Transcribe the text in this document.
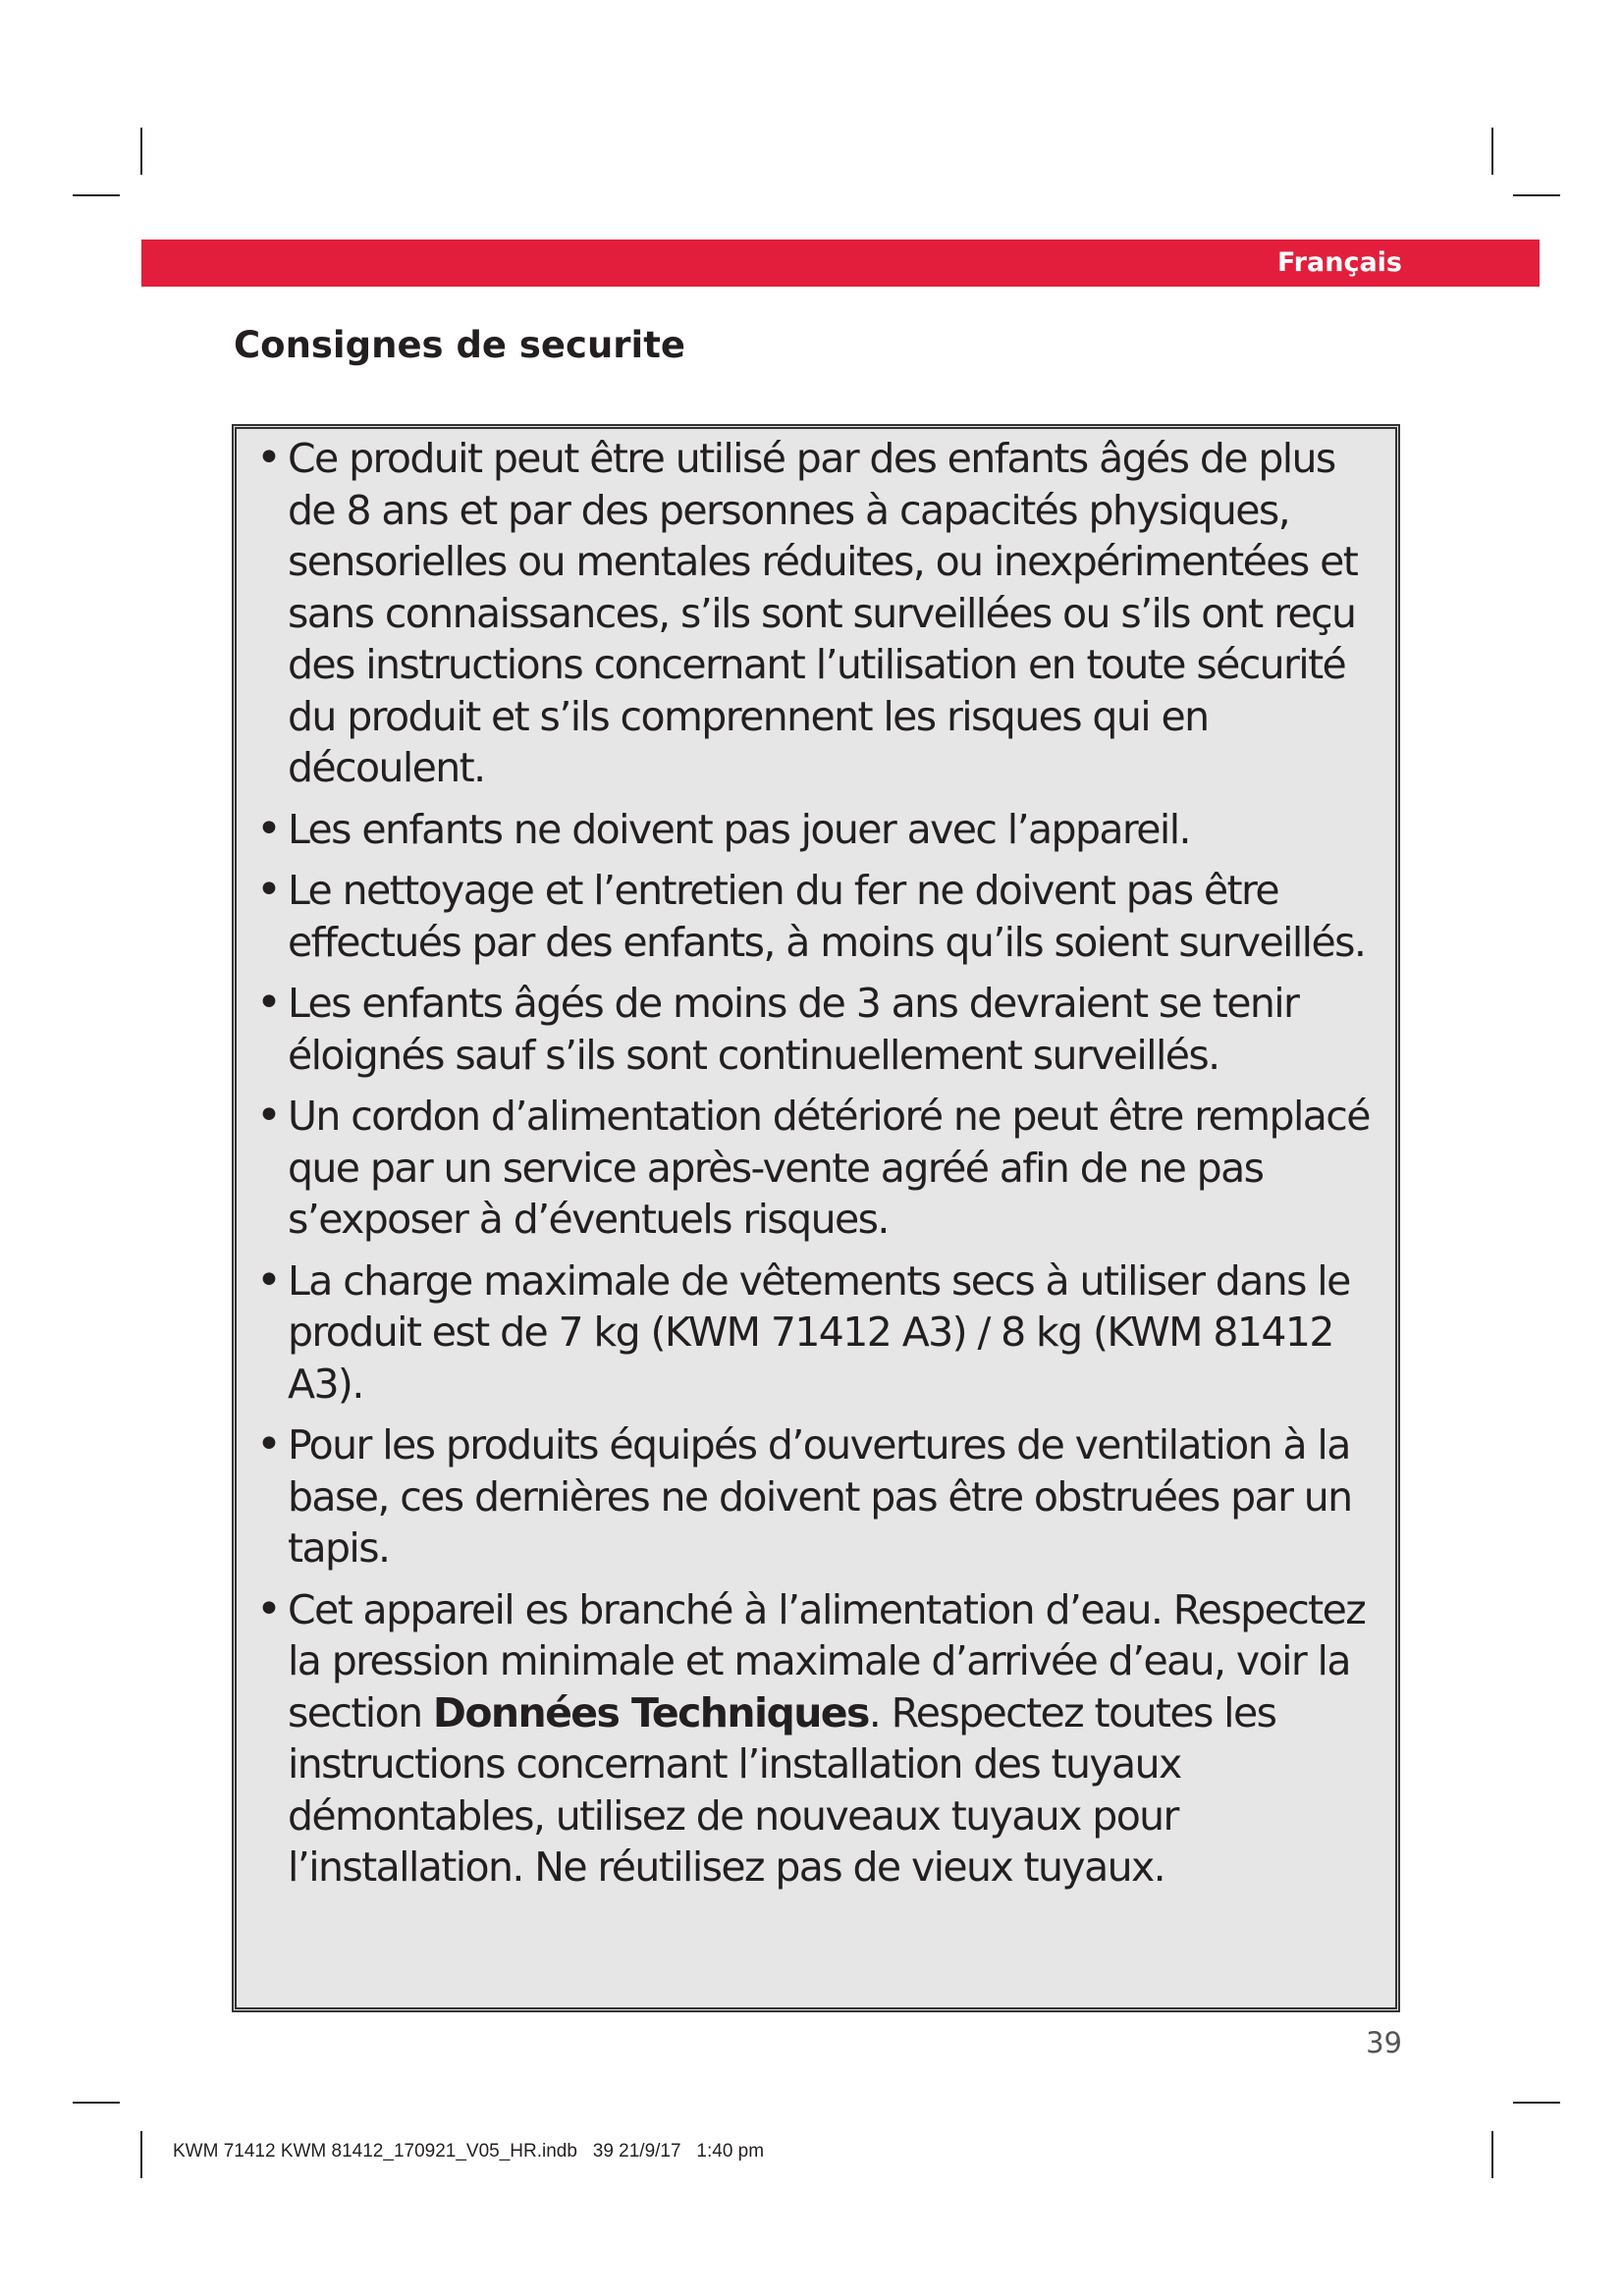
Français
Consignes de securite
• Ce produit peut être utilisé par des enfants âgés de plus de 8 ans et par des personnes à capacités physiques, sensorielles ou mentales réduites, ou inexpérimentées et sans connaissances, s’ils sont surveillées ou s’ils ont reçu des instructions concernant l’utilisation en toute sécurité du produit et s’ils comprennent les risques qui en découlent.
• Les enfants ne doivent pas jouer avec l’appareil.
• Le nettoyage et l’entretien du fer ne doivent pas être effectués par des enfants, à moins qu’ils soient surveillés.
• Les enfants âgés de moins de 3 ans devraient se tenir éloignés sauf s’ils sont continuellement surveillés.
• Un cordon d’alimentation détérioré ne peut être remplacé que par un service après-vente agréé afin de ne pas s’exposer à d’éventuels risques.
• La charge maximale de vêtements secs à utiliser dans le produit est de 7 kg (KWM 71412 A3) / 8 kg (KWM 81412 A3).
• Pour les produits équipés d’ouvertures de ventilation à la base, ces dernières ne doivent pas être obstruées par un tapis.
• Cet appareil es branché à l’alimentation d’eau. Respectez la pression minimale et maximale d’arrivée d’eau, voir la section Données Techniques. Respectez toutes les instructions concernant l’installation des tuyaux démontables, utilisez de nouveaux tuyaux pour l’installation. Ne réutilisez pas de vieux tuyaux.
39
KWM 71412 KWM 81412_170921_V05_HR.indb   39 21/9/17   1:40 pm
